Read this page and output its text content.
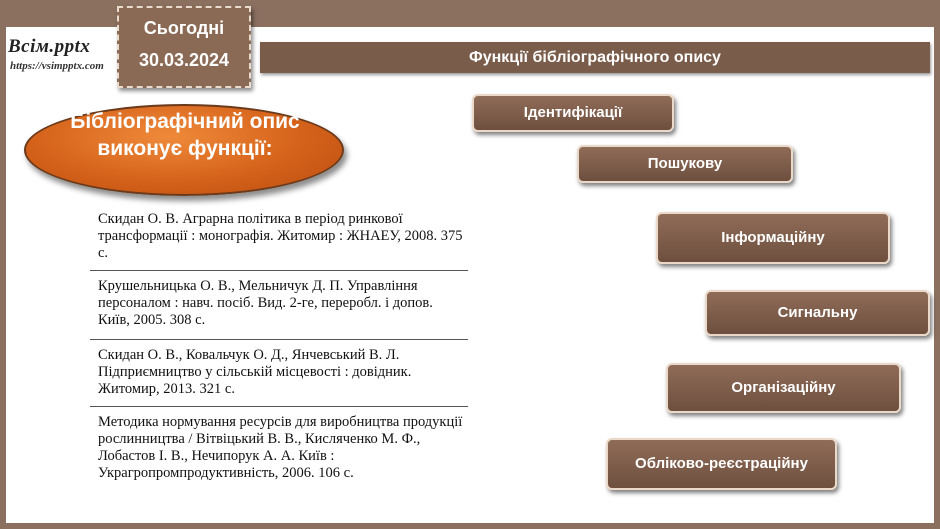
Всім.pptx
https://vsimpptx.com
Сьогодні
30.03.2024	Функції бібліографічного опису
Бібліографічний опис виконує функції:
Скидан О. В. Аграрна політика в період ринкової трансформації : монографія. Житомир : ЖНАЕУ, 2008. 375 с.
Крушельницька О. В., Мельничук Д. П. Управління персоналом : навч. посіб. Вид. 2-ге, переробл. і допов. Київ, 2005. 308 с.
Скидан О. В., Ковальчук О. Д., Янчевський В. Л. Підприємництво у сільській місцевості : довідник. Житомир, 2013. 321 с.
Методика нормування ресурсів для виробництва продукції рослинництва / Вітвіцький В. В., Кисляченко М. Ф., Лобастов І. В., Нечипорук А. А. Київ : Украгропромпродуктивність, 2006. 106 с.
Ідентифікації
Пошукову
Інформаційну
Сигнальну
Організаційну
Обліково-реєстраційну
